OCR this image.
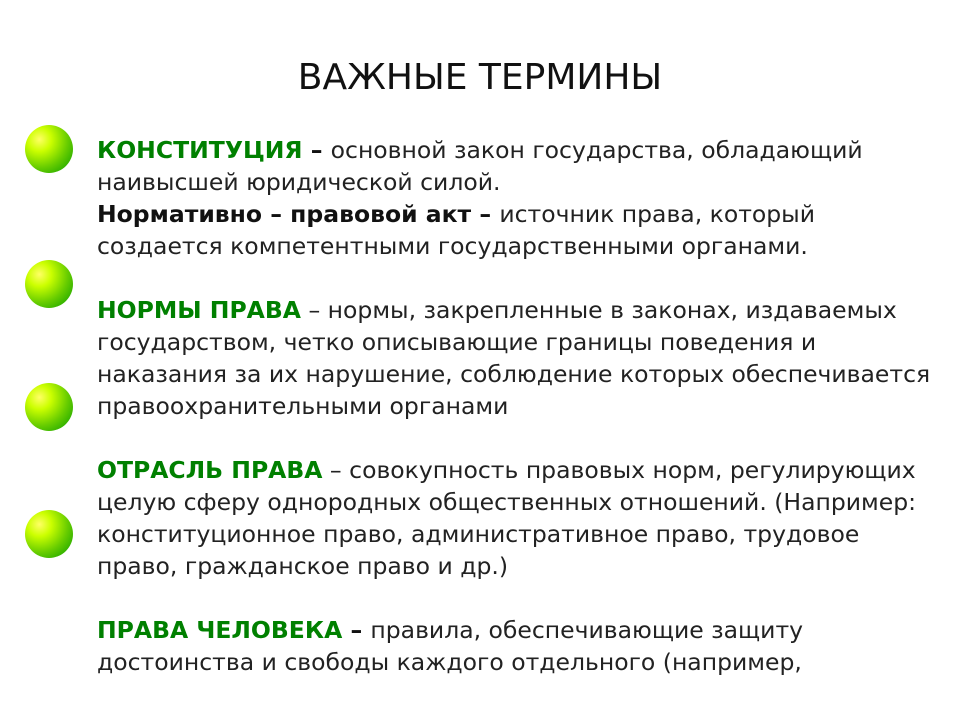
ВАЖНЫЕ ТЕРМИНЫ

КОНСТИТУЦИЯ – основной закон государства, обладающий наивысшей юридической силой.

Нормативно – правовой акт – источник права, который создается компетентными государственными органами.

НОРМЫ ПРАВА – нормы, закрепленные в законах, издаваемых государством, четко описывающие границы поведения и наказания за их нарушение, соблюдение которых обеспечивается правоохранительными органами

ОТРАСЛЬ ПРАВА – совокупность правовых норм, регулирующих целую сферу однородных общественных отношений. (Например: конституционное право, административное право, трудовое право, гражданское право и др.)

ПРАВА ЧЕЛОВЕКА – правила, обеспечивающие защиту достоинства и свободы каждого отдельного (например,
